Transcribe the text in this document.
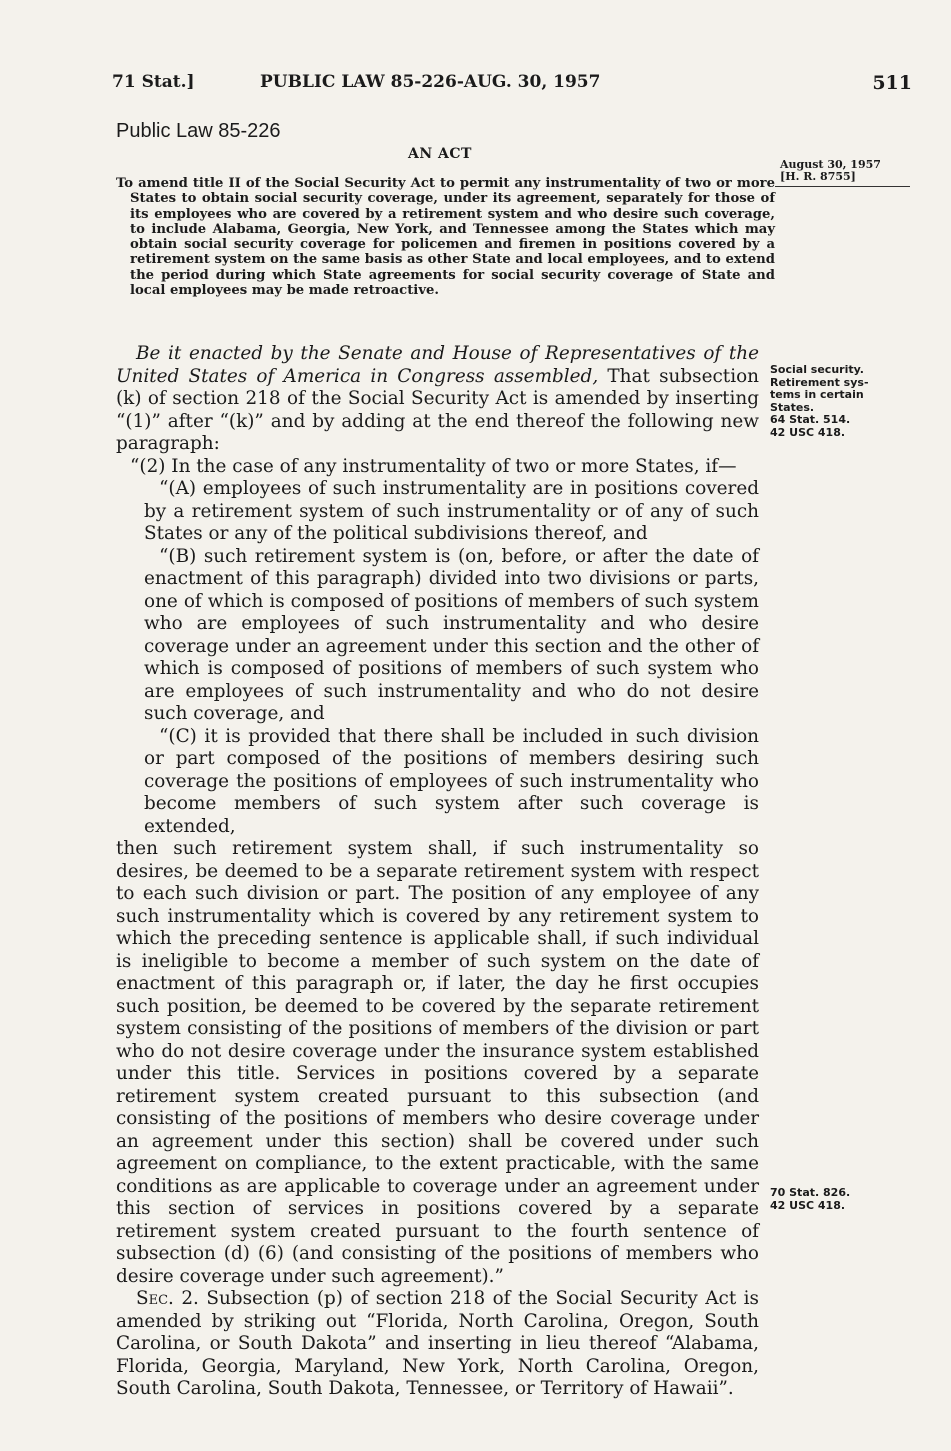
71 Stat.]	PUBLIC LAW 85-226-AUG. 30, 1957	511
Public Law 85-226
AN ACT
August 30, 1957
[H. R. 8755]
To amend title II of the Social Security Act to permit any instrumentality of two or more States to obtain social security coverage, under its agreement, separately for those of its employees who are covered by a retirement system and who desire such coverage, to include Alabama, Georgia, New York, and Tennessee among the States which may obtain social security coverage for policemen and firemen in positions covered by a retirement system on the same basis as other State and local employees, and to extend the period during which State agreements for social security coverage of State and local employees may be made retroactive.

Be it enacted by the Senate and House of Representatives of the United States of America in Congress assembled, That subsection (k) of section 218 of the Social Security Act is amended by inserting “(1)” after “(k)” and by adding at the end thereof the following new paragraph:

“(2) In the case of any instrumentality of two or more States, if—

“(A) employees of such instrumentality are in positions covered by a retirement system of such instrumentality or of any of such States or any of the political subdivisions thereof, and

“(B) such retirement system is (on, before, or after the date of enactment of this paragraph) divided into two divisions or parts, one of which is composed of positions of members of such system who are employees of such instrumentality and who desire coverage under an agreement under this section and the other of which is composed of positions of members of such system who are employees of such instrumentality and who do not desire such coverage, and

“(C) it is provided that there shall be included in such division or part composed of the positions of members desiring such coverage the positions of employees of such instrumentality who become members of such system after such coverage is extended,

then such retirement system shall, if such instrumentality so desires, be deemed to be a separate retirement system with respect to each such division or part. The position of any employee of any such instrumentality which is covered by any retirement system to which the preceding sentence is applicable shall, if such individual is ineligible to become a member of such system on the date of enactment of this paragraph or, if later, the day he first occupies such position, be deemed to be covered by the separate retirement system consisting of the positions of members of the division or part who do not desire coverage under the insurance system established under this title. Services in positions covered by a separate retirement system created pursuant to this subsection (and consisting of the positions of members who desire coverage under an agreement under this section) shall be covered under such agreement on compliance, to the extent practicable, with the same conditions as are applicable to coverage under an agreement under this section of services in positions covered by a separate retirement system created pursuant to the fourth sentence of subsection (d) (6) (and consisting of the positions of members who desire coverage under such agreement).”

Sec. 2. Subsection (p) of section 218 of the Social Security Act is amended by striking out “Florida, North Carolina, Oregon, South Carolina, or South Dakota” and inserting in lieu thereof “Alabama, Florida, Georgia, Maryland, New York, North Carolina, Oregon, South Carolina, South Dakota, Tennessee, or Territory of Hawaii”.

Social security.
Retirement sys-
tems in certain
States.
64 Stat. 514.
42 USC 418.
70 Stat. 826.
42 USC 418.
